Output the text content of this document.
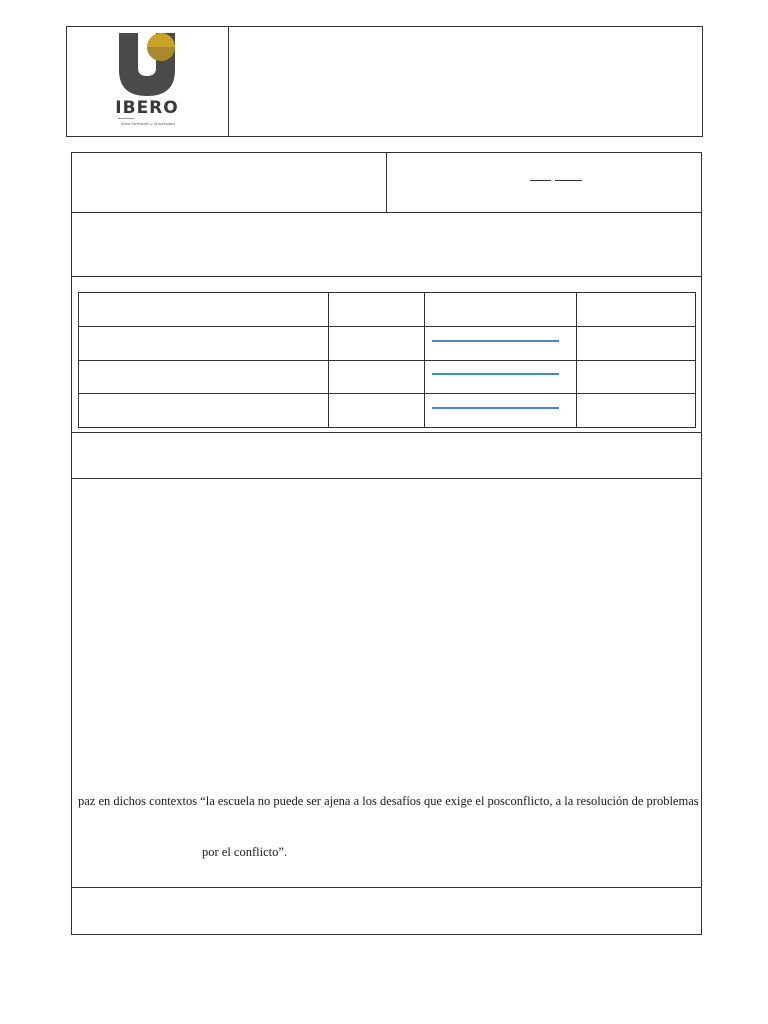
IBERO
Ibero Formación y Universidad
paz en dichos contextos “la escuela no puede ser ajena a los desafíos que exige el posconflicto, a la resolución de problemas
por el conflicto”.
